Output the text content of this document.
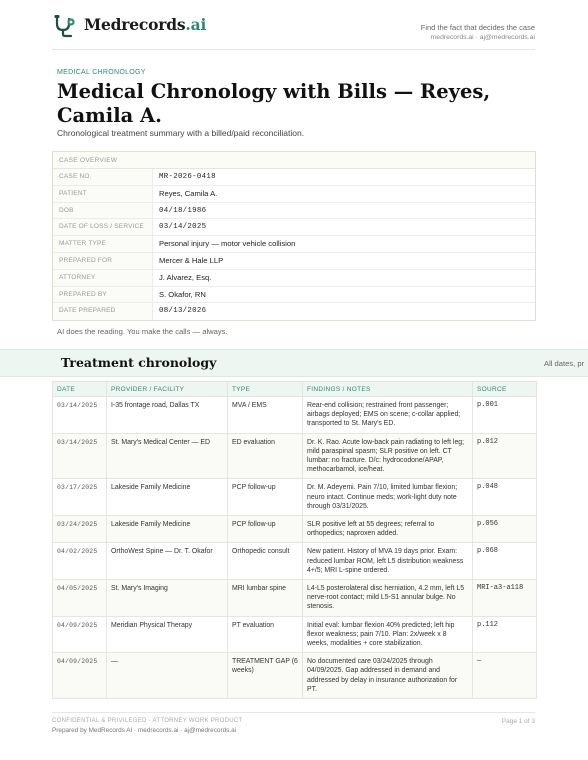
Medrecords.ai	Find the fact that decides the case
medrecords.ai · aj@medrecords.ai
MEDICAL CHRONOLOGY
Medical Chronology with Bills — Reyes, Camila A.
Chronological treatment summary with a billed/paid reconciliation.
CASE OVERVIEW
CASE NO.	MR-2026-0418
PATIENT	Reyes, Camila A.
DOB	04/18/1986
DATE OF LOSS / SERVICE	03/14/2025
MATTER TYPE	Personal injury — motor vehicle collision
PREPARED FOR	Mercer & Hale LLP
ATTORNEY	J. Alvarez, Esq.
PREPARED BY	S. Okafor, RN
DATE PREPARED	08/13/2026
AI does the reading. You make the calls — always.
Treatment chronology	All dates, pr
DATE	PROVIDER / FACILITY	TYPE	FINDINGS / NOTES	SOURCE
03/14/2025	I-35 frontage road, Dallas TX	MVA / EMS	Rear-end collision; restrained front passenger; airbags deployed; EMS on scene; c-collar applied; transported to St. Mary's ED.	p.001
03/14/2025	St. Mary's Medical Center — ED	ED evaluation	Dr. K. Rao. Acute low-back pain radiating to left leg; mild paraspinal spasm; SLR positive on left. CT lumbar: no fracture. D/c: hydrocodone/APAP, methocarbamol, ice/heat.	p.012
03/17/2025	Lakeside Family Medicine	PCP follow-up	Dr. M. Adeyemi. Pain 7/10, limited lumbar flexion; neuro intact. Continue meds; work-light duty note through 03/31/2025.	p.048
03/24/2025	Lakeside Family Medicine	PCP follow-up	SLR positive left at 55 degrees; referral to orthopedics; naproxen added.	p.056
04/02/2025	OrthoWest Spine — Dr. T. Okafor	Orthopedic consult	New patient. History of MVA 19 days prior. Exam: reduced lumbar ROM, left L5 distribution weakness 4+/5; MRI L-spine ordered.	p.068
04/05/2025	St. Mary's Imaging	MRI lumbar spine	L4-L5 posterolateral disc herniation, 4.2 mm, left L5 nerve-root contact; mild L5-S1 annular bulge. No stenosis.	MRI-a3-a118
04/09/2025	Meridian Physical Therapy	PT evaluation	Initial eval: lumbar flexion 40% predicted; left hip flexor weakness; pain 7/10. Plan: 2x/week x 8 weeks, modalities + core stabilization.	p.112
04/09/2025	—	TREATMENT GAP (6 weeks)	No documented care 03/24/2025 through 04/09/2025. Gap addressed in demand and addressed by delay in insurance authorization for PT.	—
CONFIDENTIAL & PRIVILEGED · ATTORNEY WORK PRODUCT
Prepared by MedRecords AI · medrecords.ai · aj@medrecords.ai
Page 1 of 3
